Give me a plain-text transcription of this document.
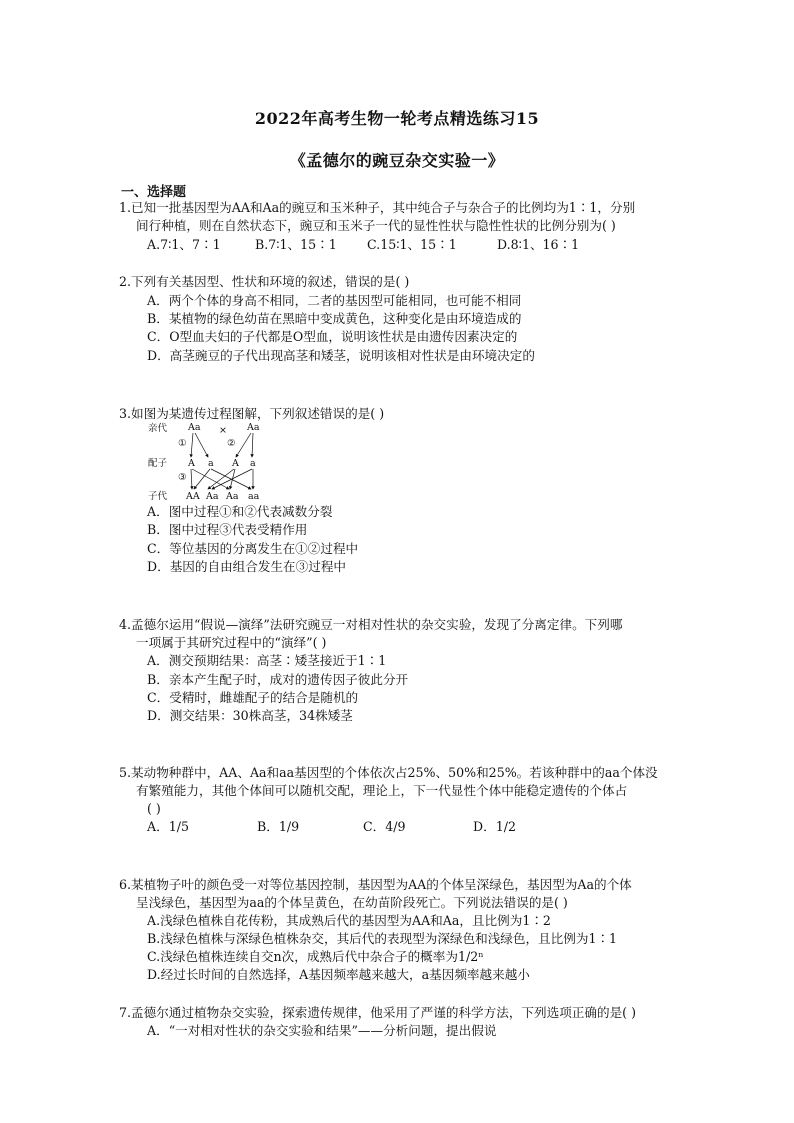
2022年高考生物一轮考点精选练习15
《孟德尔的豌豆杂交实验一》
一、选择题
1.已知一批基因型为AA和Aa的豌豆和玉米种子，其中纯合子与杂合子的比例均为1∶1，分别
间行种植，则在自然状态下，豌豆和玉米子一代的显性性状与隐性性状的比例分别为( )
A.7∶1、7∶1	B.7∶1、15∶1 C.15∶1、15∶1	D.8∶1、16∶1
2.下列有关基因型、性状和环境的叙述，错误的是( )
A．两个个体的身高不相同，二者的基因型可能相同，也可能不相同
B．某植物的绿色幼苗在黑暗中变成黄色，这种变化是由环境造成的
C．O型血夫妇的子代都是O型血，说明该性状是由遗传因素决定的
D．高茎豌豆的子代出现高茎和矮茎，说明该相对性状是由环境决定的
3.如图为某遗传过程图解，下列叙述错误的是( )
亲代
配子
子代
Aa × Aa
①	②
③
A a A a
AA Aa Aa aa
A．图中过程①和②代表减数分裂
B．图中过程③代表受精作用
C．等位基因的分离发生在①②过程中
D．基因的自由组合发生在③过程中
4.孟德尔运用“假说—演绎”法研究豌豆一对相对性状的杂交实验，发现了分离定律。下列哪
一项属于其研究过程中的“演绎”( )
A．测交预期结果：高茎∶矮茎接近于1∶1
B．亲本产生配子时，成对的遗传因子彼此分开
C．受精时，雌雄配子的结合是随机的
D．测交结果：30株高茎，34株矮茎
5.某动物种群中，AA、Aa和aa基因型的个体依次占25%、50%和25%。若该种群中的aa个体没
有繁殖能力，其他个体间可以随机交配，理论上，下一代显性个体中能稳定遗传的个体占
( )
A．1/5	B．1/9	C．4/9	D．1/2
6.某植物子叶的颜色受一对等位基因控制，基因型为AA的个体呈深绿色，基因型为Aa的个体
呈浅绿色，基因型为aa的个体呈黄色，在幼苗阶段死亡。下列说法错误的是( )
A.浅绿色植株自花传粉，其成熟后代的基因型为AA和Aa，且比例为1∶2
B.浅绿色植株与深绿色植株杂交，其后代的表现型为深绿色和浅绿色，且比例为1∶1
C.浅绿色植株连续自交n次，成熟后代中杂合子的概率为1/2ⁿ
D.经过长时间的自然选择，A基因频率越来越大，a基因频率越来越小
7.孟德尔通过植物杂交实验，探索遗传规律，他采用了严谨的科学方法，下列选项正确的是( )
A．“一对相对性状的杂交实验和结果”——分析问题，提出假说
